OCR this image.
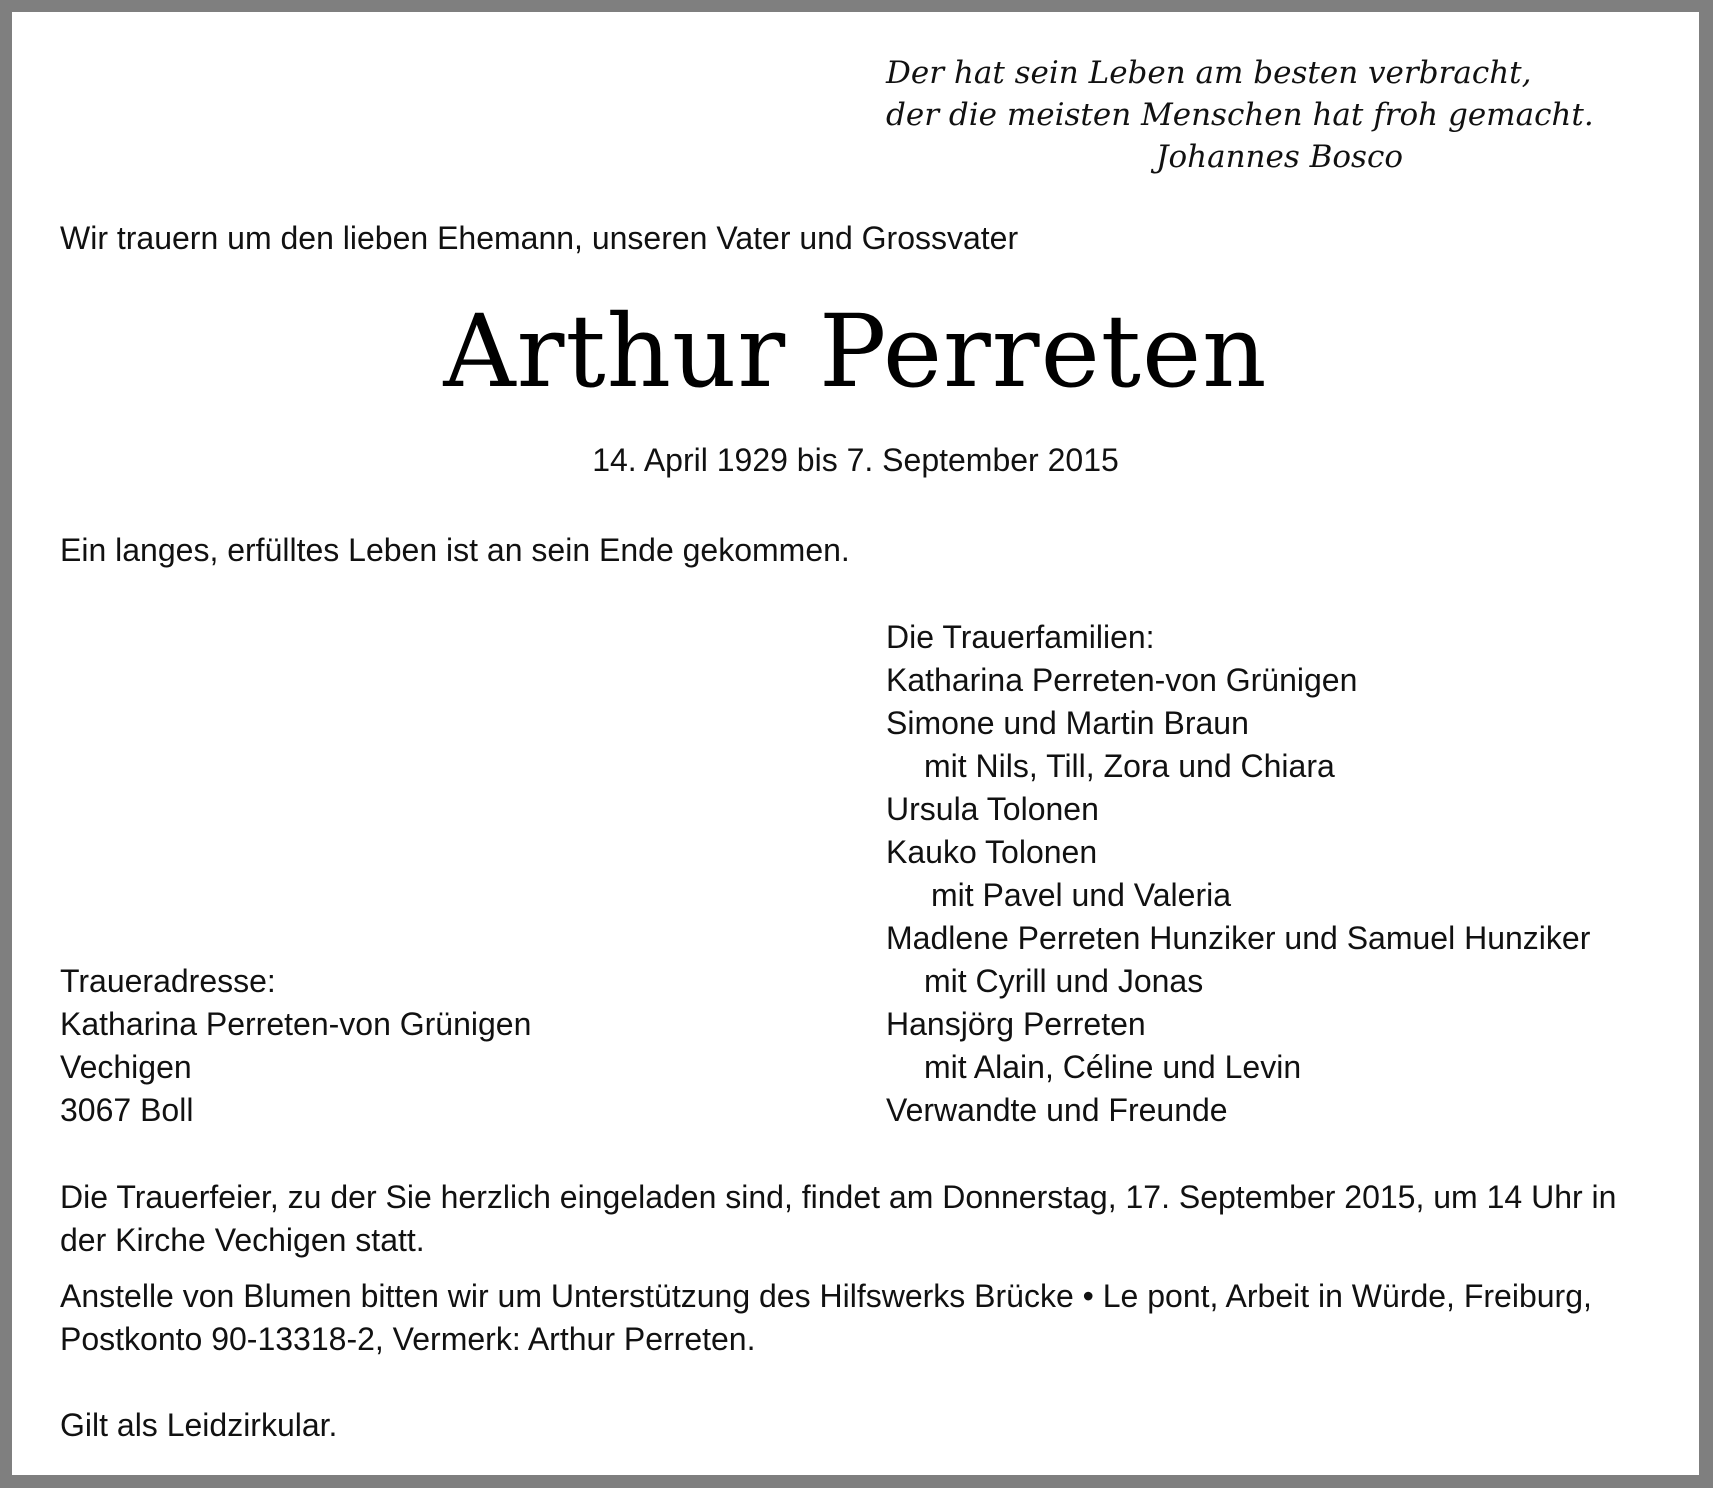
Der hat sein Leben am besten verbracht,
der die meisten Menschen hat froh gemacht.
Johannes Bosco
Wir trauern um den lieben Ehemann, unseren Vater und Grossvater
Arthur Perreten
14. April 1929 bis 7. September 2015
Ein langes, erfülltes Leben ist an sein Ende gekommen.
Die Trauerfamilien:
Katharina Perreten-von Grünigen
Simone und Martin Braun
mit Nils, Till, Zora und Chiara
Ursula Tolonen
Kauko Tolonen
mit Pavel und Valeria
Madlene Perreten Hunziker und Samuel Hunziker
mit Cyrill und Jonas
Hansjörg Perreten
mit Alain, Céline und Levin
Verwandte und Freunde
Traueradresse:
Katharina Perreten-von Grünigen
Vechigen
3067 Boll
Die Trauerfeier, zu der Sie herzlich eingeladen sind, findet am Donnerstag, 17. September 2015, um 14 Uhr in der Kirche Vechigen statt.
Anstelle von Blumen bitten wir um Unterstützung des Hilfswerks Brücke • Le pont, Arbeit in Würde, Freiburg, Postkonto 90-13318-2, Vermerk: Arthur Perreten.
Gilt als Leidzirkular.
